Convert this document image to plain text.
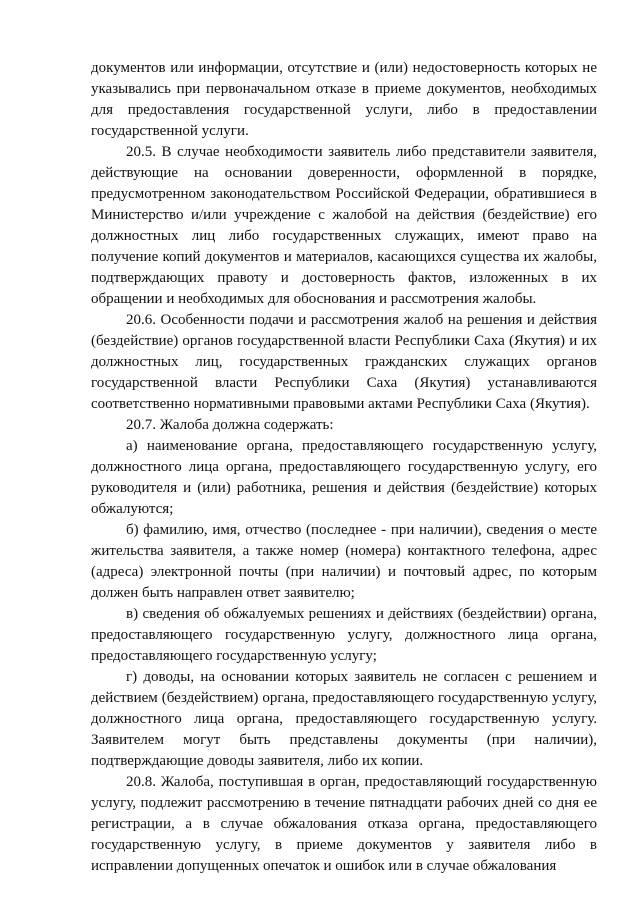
документов или информации, отсутствие и (или) недостоверность которых не указывались при первоначальном отказе в приеме документов, необходимых для предоставления государственной услуги, либо в предоставлении государственной услуги.

20.5. В случае необходимости заявитель либо представители заявителя, действующие на основании доверенности, оформленной в порядке, предусмотренном законодательством Российской Федерации, обратившиеся в Министерство и/или учреждение с жалобой на действия (бездействие) его должностных лиц либо государственных служащих, имеют право на получение копий документов и материалов, касающихся существа их жалобы, подтверждающих правоту и достоверность фактов, изложенных в их обращении и необходимых для обоснования и рассмотрения жалобы.

20.6. Особенности подачи и рассмотрения жалоб на решения и действия (бездействие) органов государственной власти Республики Саха (Якутия) и их должностных лиц, государственных гражданских служащих органов государственной власти Республики Саха (Якутия) устанавливаются соответственно нормативными правовыми актами Республики Саха (Якутия).

20.7. Жалоба должна содержать:

а) наименование органа, предоставляющего государственную услугу, должностного лица органа, предоставляющего государственную услугу, его руководителя и (или) работника, решения и действия (бездействие) которых обжалуются;

б) фамилию, имя, отчество (последнее - при наличии), сведения о месте жительства заявителя, а также номер (номера) контактного телефона, адрес (адреса) электронной почты (при наличии) и почтовый адрес, по которым должен быть направлен ответ заявителю;

в) сведения об обжалуемых решениях и действиях (бездействии) органа, предоставляющего государственную услугу, должностного лица органа, предоставляющего государственную услугу;

г) доводы, на основании которых заявитель не согласен с решением и действием (бездействием) органа, предоставляющего государственную услугу, должностного лица органа, предоставляющего государственную услугу. Заявителем могут быть представлены документы (при наличии), подтверждающие доводы заявителя, либо их копии.

20.8. Жалоба, поступившая в орган, предоставляющий государственную услугу, подлежит рассмотрению в течение пятнадцати рабочих дней со дня ее регистрации, а в случае обжалования отказа органа, предоставляющего государственную услугу, в приеме документов у заявителя либо в исправлении допущенных опечаток и ошибок или в случае обжалования
